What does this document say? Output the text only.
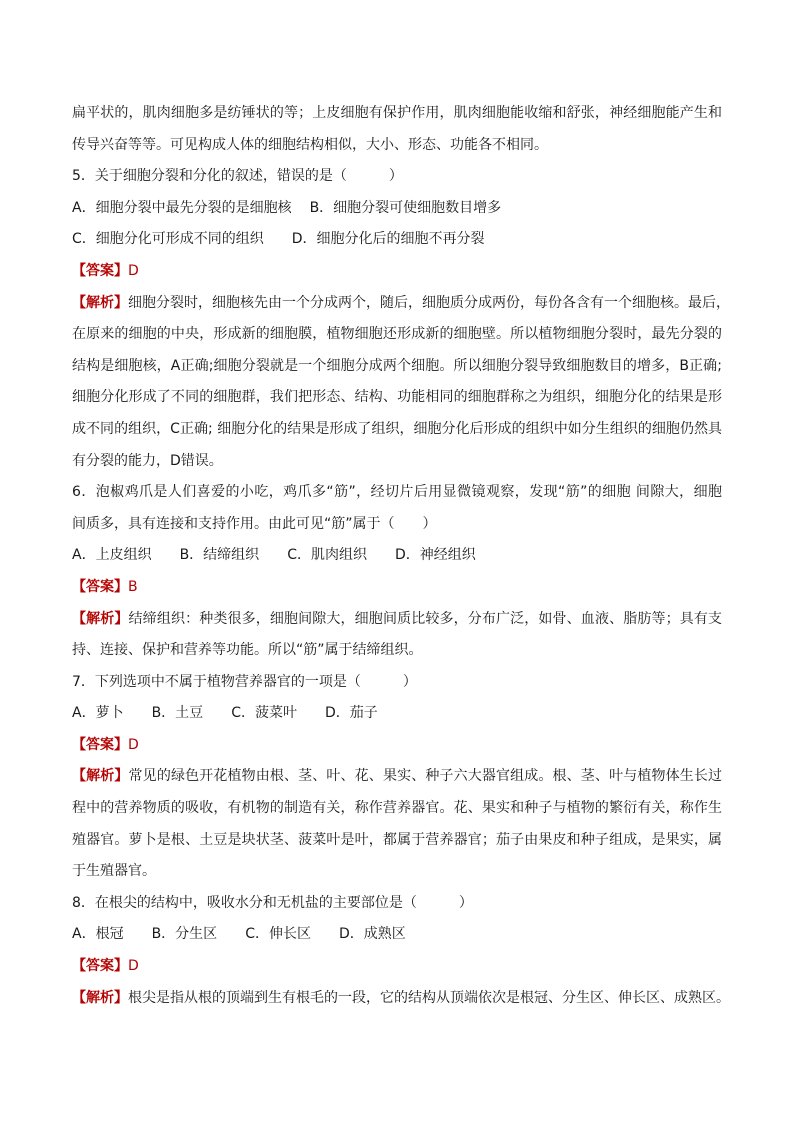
扁平状的，肌肉细胞多是纺锤状的等；上皮细胞有保护作用，肌肉细胞能收缩和舒张，神经细胞能产生和
传导兴奋等等。可见构成人体的细胞结构相似，大小、形态、功能各不相同。
5．关于细胞分裂和分化的叙述，错误的是（　　　）
A．细胞分裂中最先分裂的是细胞核 B．细胞分裂可使细胞数目增多
C．细胞分化可形成不同的组织 D．细胞分化后的细胞不再分裂
【答案】D
【解析】细胞分裂时，细胞核先由一个分成两个，随后，细胞质分成两份，每份各含有一个细胞核。最后，
在原来的细胞的中央，形成新的细胞膜，植物细胞还形成新的细胞壁。所以植物细胞分裂时，最先分裂的
结构是细胞核，A正确;细胞分裂就是一个细胞分成两个细胞。所以细胞分裂导致细胞数目的增多，B正确;
细胞分化形成了不同的细胞群，我们把形态、结构、功能相同的细胞群称之为组织，细胞分化的结果是形
成不同的组织，C正确; 细胞分化的结果是形成了组织，细胞分化后形成的组织中如分生组织的细胞仍然具
有分裂的能力，D错误。
6．泡椒鸡爪是人们喜爱的小吃，鸡爪多“筋”，经切片后用显微镜观察，发现“筋”的细胞 间隙大，细胞
间质多，具有连接和支持作用。由此可见“筋”属于（　　）
A．上皮组织 B．结缔组织 C．肌肉组织 D．神经组织
【答案】B
【解析】结缔组织：种类很多，细胞间隙大，细胞间质比较多，分布广泛，如骨、血液、脂肪等；具有支
持、连接、保护和营养等功能。所以“筋”属于结缔组织。
7．下列选项中不属于植物营养器官的一项是（　　　）
A．萝卜 B．土豆 C．菠菜叶 D．茄子
【答案】D
【解析】常见的绿色开花植物由根、茎、叶、花、果实、种子六大器官组成。根、茎、叶与植物体生长过
程中的营养物质的吸收，有机物的制造有关，称作营养器官。花、果实和种子与植物的繁衍有关，称作生
殖器官。萝卜是根、土豆是块状茎、菠菜叶是叶，都属于营养器官；茄子由果皮和种子组成，是果实，属
于生殖器官。
8．在根尖的结构中，吸收水分和无机盐的主要部位是（　　　）
A．根冠 B．分生区 C．伸长区 D．成熟区
【答案】D
【解析】根尖是指从根的顶端到生有根毛的一段，它的结构从顶端依次是根冠、分生区、伸长区、成熟区。
